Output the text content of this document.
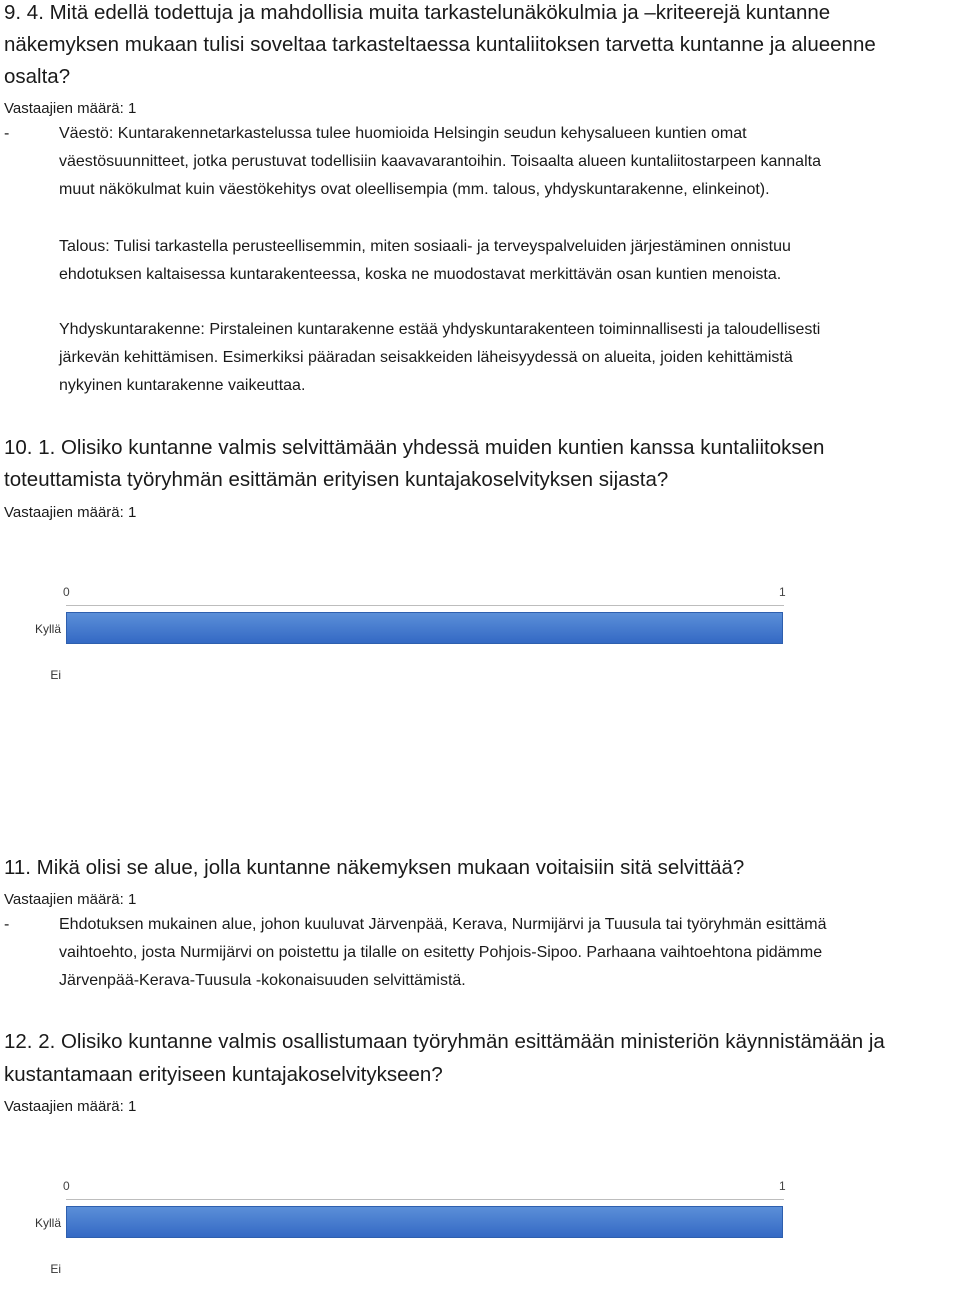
9. 4. Mitä edellä todettuja ja mahdollisia muita tarkastelunäkökulmia ja –kriteerejä kuntanne
näkemyksen mukaan tulisi soveltaa tarkasteltaessa kuntaliitoksen tarvetta kuntanne ja alueenne
osalta?
Vastaajien määrä: 1
-	Väestö: Kuntarakennetarkastelussa tulee huomioida Helsingin seudun kehysalueen kuntien omat
väestösuunnitteet, jotka perustuvat todellisiin kaavavarantoihin. Toisaalta alueen kuntaliitostarpeen kannalta
muut näkökulmat kuin väestökehitys ovat oleellisempia (mm. talous, yhdyskuntarakenne, elinkeinot).
Talous: Tulisi tarkastella perusteellisemmin, miten sosiaali- ja terveyspalveluiden järjestäminen onnistuu
ehdotuksen kaltaisessa kuntarakenteessa, koska ne muodostavat merkittävän osan kuntien menoista.
Yhdyskuntarakenne: Pirstaleinen kuntarakenne estää yhdyskuntarakenteen toiminnallisesti ja taloudellisesti
järkevän kehittämisen. Esimerkiksi pääradan seisakkeiden läheisyydessä on alueita, joiden kehittämistä
nykyinen kuntarakenne vaikeuttaa.
10. 1. Olisiko kuntanne valmis selvittämään yhdessä muiden kuntien kanssa kuntaliitoksen
toteuttamista työryhmän esittämän erityisen kuntajakoselvityksen sijasta?
Vastaajien määrä: 1
0	1
Kyllä
Ei
11. Mikä olisi se alue, jolla kuntanne näkemyksen mukaan voitaisiin sitä selvittää?
Vastaajien määrä: 1
-	Ehdotuksen mukainen alue, johon kuuluvat Järvenpää, Kerava, Nurmijärvi ja Tuusula tai työryhmän esittämä
vaihtoehto, josta Nurmijärvi on poistettu ja tilalle on esitetty Pohjois-Sipoo. Parhaana vaihtoehtona pidämme
Järvenpää-Kerava-Tuusula -kokonaisuuden selvittämistä.
12. 2. Olisiko kuntanne valmis osallistumaan työryhmän esittämään ministeriön käynnistämään ja
kustantamaan erityiseen kuntajakoselvitykseen?
Vastaajien määrä: 1
0	1
Kyllä
Ei
